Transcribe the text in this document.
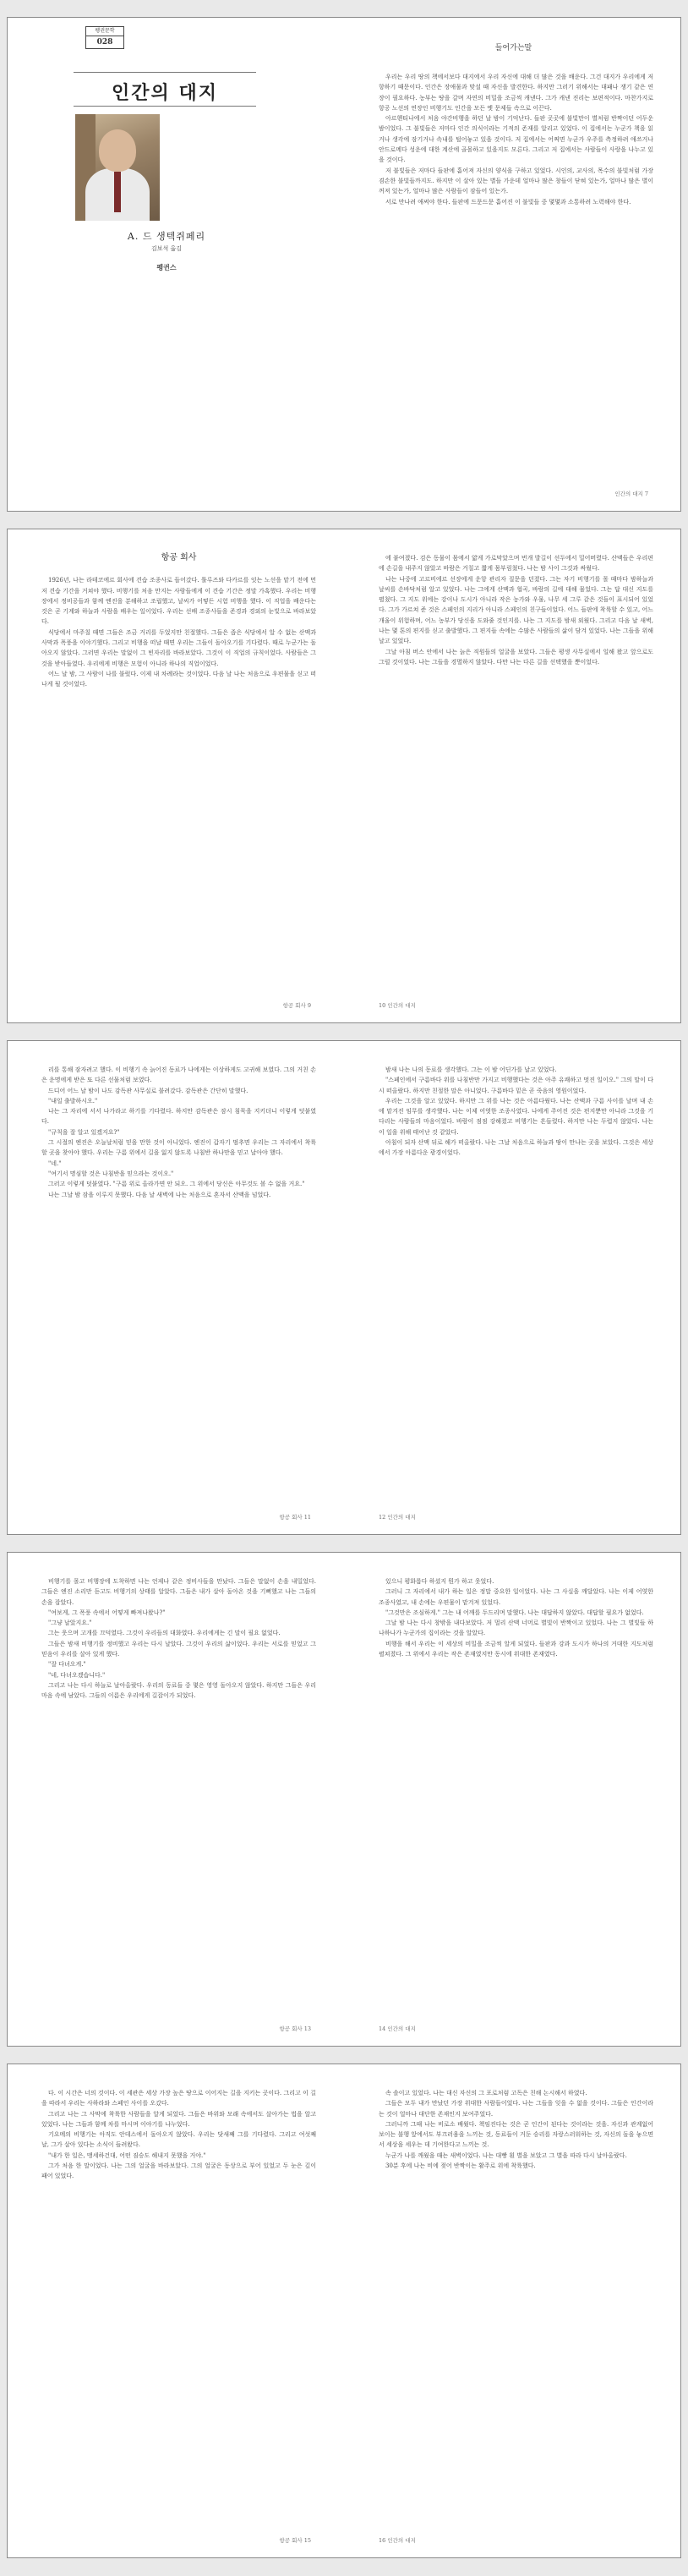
펭귄문학
028
인간의 대지
A. 드 생텍쥐페리
김보석 옮김
펭귄스
들어가는말

우리는 우리 땅의 책에서보다 대지에서 우리 자신에 대해 더 많은 것을 배운다. 그건 대지가 우리에게 저항하기 때문이다. 인간은 장애물과 맞설 때 자신을 발견한다. 하지만 그러기 위해서는 대패나 쟁기 같은 연장이 필요하다. 농부는 땅을 갈며 자연의 비밀을 조금씩 캐낸다. 그가 캐낸 진리는 보편적이다. 마찬가지로 항공 노선의 연장인 비행기도 인간을 모든 옛 문제들 속으로 이끈다.

아르헨티나에서 처음 야간비행을 하던 날 밤이 기억난다. 들판 곳곳에 불빛만이 별처럼 반짝이던 어두운 밤이었다. 그 불빛들은 저마다 인간 의식이라는 기적의 존재를 알리고 있었다. 이 집에서는 누군가 책을 읽거나 생각에 잠기거나 속내를 털어놓고 있을 것이다. 저 집에서는 어쩌면 누군가 우주를 측정하려 애쓰거나 안드로메다 성운에 대한 계산에 골몰하고 있을지도 모른다. 그리고 저 집에서는 사람들이 사랑을 나누고 있을 것이다.

저 불빛들은 저마다 들판에 흩어져 자신의 양식을 구하고 있었다. 시인의, 교사의, 목수의 불빛처럼 가장 겸손한 불빛들까지도. 하지만 이 살아 있는 별들 가운데 얼마나 많은 창들이 닫혀 있는가, 얼마나 많은 별이 꺼져 있는가, 얼마나 많은 사람들이 잠들어 있는가.

서로 만나려 애써야 한다. 들판에 드문드문 흩어진 이 불빛들 중 몇몇과 소통하려 노력해야 한다.

인간의 대지 7
항공 회사

1926년, 나는 라테코에르 회사에 견습 조종사로 들어갔다. 툴루즈와 다카르를 잇는 노선을 맡기 전에 먼저 견습 기간을 거쳐야 했다. 비행기를 처음 만지는 사람들에게 이 견습 기간은 정말 가혹했다. 우리는 비행장에서 정비공들과 함께 엔진을 분해하고 조립했고, 날씨가 어떻든 시험 비행을 했다. 이 직업을 배운다는 것은 곧 기계와 하늘과 사람을 배우는 일이었다. 우리는 선배 조종사들을 존경과 경외의 눈빛으로 바라보았다.

식당에서 마주칠 때면 그들은 조금 거리를 두었지만 친절했다. 그들은 좁은 식당에서 알 수 없는 산맥과 사막과 폭풍을 이야기했다. 그리고 비행을 떠날 때면 우리는 그들이 돌아오기를 기다렸다. 때로 누군가는 돌아오지 않았다. 그러면 우리는 말없이 그 빈자리를 바라보았다. 그것이 이 직업의 규칙이었다. 사람들은 그것을 받아들였다. 우리에게 비행은 모험이 아니라 하나의 직업이었다.

어느 날 밤, 그 사람이 나를 불렀다. 이제 내 차례라는 것이었다. 다음 날 나는 처음으로 우편물을 싣고 떠나게 될 것이었다.

항공 회사 9

에 붙여졌다. 검은 동물이 몸에서 얇게 가로막았으며 번개 발길이 선두에서 밀어버렸다. 산맥들은 우리편에 손길을 내주지 않았고 바람은 거칠고 짧게 몸부림쳤다. 나는 밤 사이 그것과 싸웠다.

나는 나중에 고르비에르 선장에게 운항 관리자 질문을 던졌다. 그는 자기 비행기를 몰 때마다 밤하늘과 날씨를 손바닥처럼 알고 있었다. 나는 그에게 산맥과 협곡, 바람의 길에 대해 물었다. 그는 답 대신 지도를 펼쳤다. 그 지도 위에는 강이나 도시가 아니라 작은 농가와 우물, 나무 세 그루 같은 것들이 표시되어 있었다. 그가 가르쳐 준 것은 스페인의 지리가 아니라 스페인의 친구들이었다. 어느 들판에 착륙할 수 있고, 어느 개울이 위험하며, 어느 농부가 당신을 도와줄 것인지를. 나는 그 지도를 밤새 외웠다. 그리고 다음 날 새벽, 나는 몇 톤의 편지를 싣고 출발했다. 그 편지들 속에는 수많은 사람들의 삶이 담겨 있었다. 나는 그들을 위해 날고 있었다.

그날 아침 버스 안에서 나는 늙은 직원들의 얼굴을 보았다. 그들은 평생 사무실에서 일해 왔고 앞으로도 그럴 것이었다. 나는 그들을 경멸하지 않았다. 다만 나는 다른 길을 선택했을 뿐이었다.

10 인간의 대지

리를 통해 잠자려고 했다. 이 비행기 속 늙어진 동료가 나에게는 이상하게도 고귀해 보였다. 그의 거친 손은 운명에게 받은 또 다른 선물처럼 보였다.

드디어 어느 날 밤이 나도 감독관 사무실로 불려갔다. 감독관은 간단히 말했다.

"내일 출발하시오."

나는 그 자리에 서서 나가라고 하기를 기다렸다. 하지만 감독관은 잠시 침묵을 지키더니 이렇게 덧붙였다.

"규칙을 잘 알고 있겠지요?"

그 시절의 엔진은 오늘날처럼 믿을 만한 것이 아니었다. 엔진이 갑자기 멈추면 우리는 그 자리에서 착륙할 곳을 찾아야 했다. 우리는 구름 위에서 길을 잃지 않도록 나침반 하나만을 믿고 날아야 했다.

"네."

"여기서 명심할 것은 나침반을 믿으라는 것이오."

그러고 이렇게 덧붙였다. "구름 위로 올라가면 안 되오. 그 위에서 당신은 아무것도 볼 수 없을 거요."

나는 그날 밤 잠을 이루지 못했다. 다음 날 새벽에 나는 처음으로 혼자서 산맥을 넘었다.

항공 회사 11

밤새 나는 나의 동료를 생각했다. 그는 이 밤 어딘가를 날고 있었다.

"스페인에서 구름바다 위를 나침반만 가지고 비행했다는 것은 아주 유쾌하고 멋진 일이오." 그의 말이 다시 떠올랐다. 하지만 친절한 말은 아니었다. 구름바다 밑은 곧 죽음의 영원이었다.

우리는 그것을 알고 있었다. 하지만 그 위를 나는 것은 아름다웠다. 나는 산맥과 구름 사이를 날며 내 손에 맡겨진 임무를 생각했다. 나는 이제 어엿한 조종사였다. 나에게 주어진 것은 편지뿐만 아니라 그것을 기다리는 사람들의 마음이었다. 바람이 점점 강해졌고 비행기는 흔들렸다. 하지만 나는 두렵지 않았다. 나는 이 일을 위해 태어난 것 같았다.

아침이 되자 산맥 뒤로 해가 떠올랐다. 나는 그날 처음으로 하늘과 땅이 만나는 곳을 보았다. 그것은 세상에서 가장 아름다운 광경이었다.

12 인간의 대지

비행기를 몰고 비행장에 도착하면 나는 언제나 같은 정비사들을 만났다. 그들은 말없이 손을 내밀었다. 그들은 엔진 소리만 듣고도 비행기의 상태를 알았다. 그들은 내가 살아 돌아온 것을 기뻐했고 나는 그들의 손을 잡았다.

"여보게, 그 폭풍 속에서 어떻게 빠져나왔나?"

"그냥 날았지요."

그는 웃으며 고개를 끄덕였다. 그것이 우리들의 대화였다. 우리에게는 긴 말이 필요 없었다.

그들은 밤새 비행기를 정비했고 우리는 다시 날았다. 그것이 우리의 삶이었다. 우리는 서로를 믿었고 그 믿음이 우리를 살아 있게 했다.

"잘 다녀오게."

"네, 다녀오겠습니다."

그리고 나는 다시 하늘로 날아올랐다. 우리의 동료들 중 몇은 영영 돌아오지 않았다. 하지만 그들은 우리 마음 속에 남았다. 그들의 이름은 우리에게 길잡이가 되었다.

항공 회사 13

있으니 평화롭다 하셨지 뭔가 하고 웃었다.

그러니 그 자리에서 내가 하는 일은 정말 중요한 일이었다. 나는 그 사실을 깨달았다. 나는 이제 어엿한 조종사였고, 내 손에는 우편물이 맡겨져 있었다.

"그것만은 조심하게." 그는 내 어깨를 두드리며 말했다. 나는 대답하지 않았다. 대답할 필요가 없었다.

그날 밤 나는 다시 창밖을 내다보았다. 저 멀리 산맥 너머로 별빛이 반짝이고 있었다. 나는 그 별빛들 하나하나가 누군가의 집이라는 것을 알았다.

비행을 해서 우리는 이 세상의 비밀을 조금씩 알게 되었다. 들판과 강과 도시가 하나의 거대한 지도처럼 펼쳐졌다. 그 위에서 우리는 작은 존재였지만 동시에 위대한 존재였다.

14 인간의 대지

다. 이 시간은 너의 것이다. 이 세관은 세상 가장 높은 땅으로 이어지는 길을 지키는 곳이다. 그리고 이 길을 따라서 우리는 사하라와 스페인 사이를 오갔다.

그리고 나는 그 사막에 착륙한 사람들을 알게 되었다. 그들은 바위와 모래 속에서도 살아가는 법을 알고 있었다. 나는 그들과 함께 차를 마시며 이야기를 나누었다.

기요메의 비행기는 아직도 안데스에서 돌아오지 않았다. 우리는 닷새째 그를 기다렸다. 그리고 여섯째 날, 그가 살아 있다는 소식이 들려왔다.

"내가 한 일은, 맹세하건대, 어떤 짐승도 해내지 못했을 거야."

그가 처음 한 말이었다. 나는 그의 얼굴을 바라보았다. 그의 얼굴은 동상으로 부어 있었고 두 눈은 깊이 패어 있었다.

항공 회사 15

속 솔이고 있었다. 나는 대신 자신의 그 포로처럼 고독은 친해 논시해서 하였다.

그들은 모두 내가 만났던 가장 위대한 사람들이었다. 나는 그들을 잊을 수 없을 것이다. 그들은 인간이라는 것이 얼마나 대단한 존재인지 보여주었다.

그러니까 그때 나는 비로소 배웠다. 책임진다는 것은 곧 인간이 된다는 것이라는 것을. 자신과 관계없어 보이는 불행 앞에서도 부끄러움을 느끼는 것, 동료들이 거둔 승리를 자랑스러워하는 것, 자신의 돌을 놓으면서 세상을 세우는 데 기여한다고 느끼는 것.

누군가 나를 깨웠을 때는 새벽이었다. 나는 대빵 흰 별을 보았고 그 별을 따라 다시 날아올랐다.

30분 후에 나는 비에 젖어 반짝이는 활주로 위에 착륙했다.

16 인간의 대지
